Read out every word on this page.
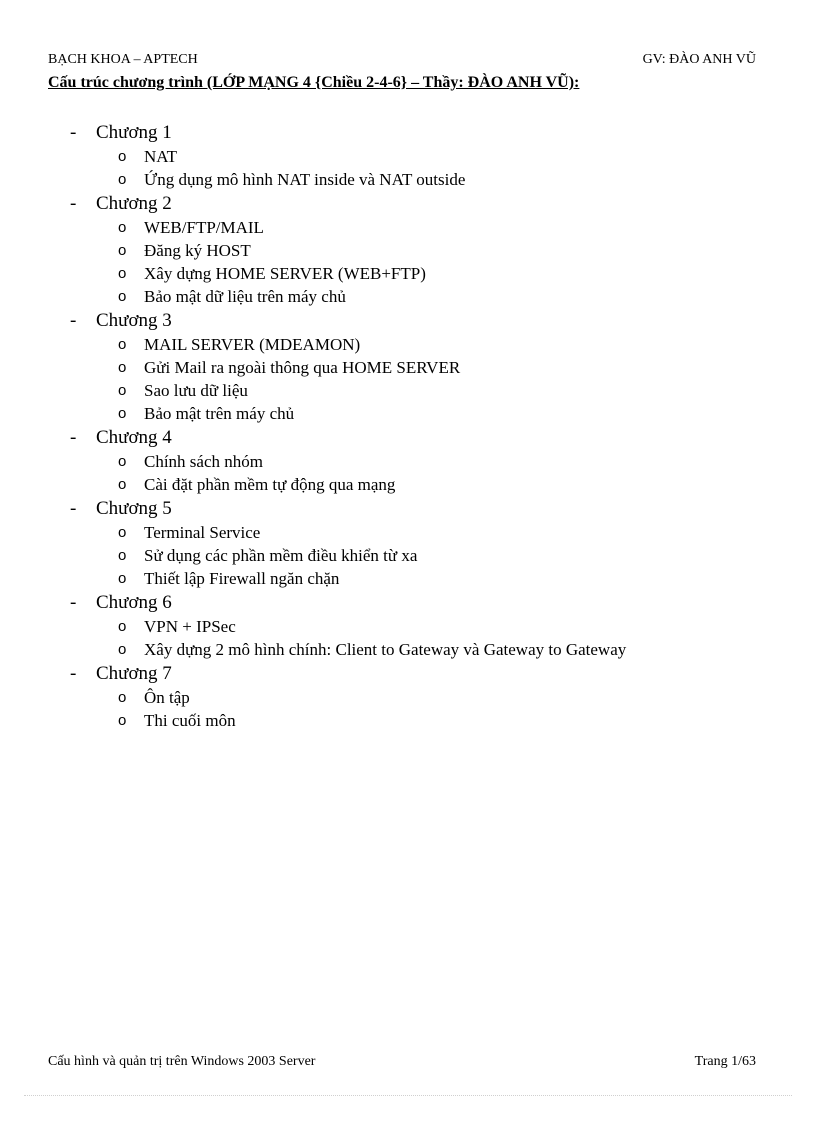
BẠCH KHOA – APTECH	GV: ĐÀO ANH VŨ
Cấu trúc chương trình (LỚP MẠNG 4 {Chiều 2-4-6} – Thầy: ĐÀO ANH VŨ):
- Chương 1
o NAT
o Ứng dụng mô hình NAT inside và NAT outside
- Chương 2
o WEB/FTP/MAIL
o Đăng ký HOST
o Xây dựng HOME SERVER (WEB+FTP)
o Bảo mật dữ liệu trên máy chủ
- Chương 3
o MAIL SERVER (MDEAMON)
o Gửi Mail ra ngoài thông qua HOME SERVER
o Sao lưu dữ liệu
o Bảo mật trên máy chủ
- Chương 4
o Chính sách nhóm
o Cài đặt phần mềm tự động qua mạng
- Chương 5
o Terminal Service
o Sử dụng các phần mềm điều khiển từ xa
o Thiết lập Firewall ngăn chặn
- Chương 6
o VPN + IPSec
o Xây dựng 2 mô hình chính: Client to Gateway và Gateway to Gateway
- Chương 7
o Ôn tập
o Thi cuối môn
Cấu hình và quản trị trên Windows 2003 Server	Trang 1/63
